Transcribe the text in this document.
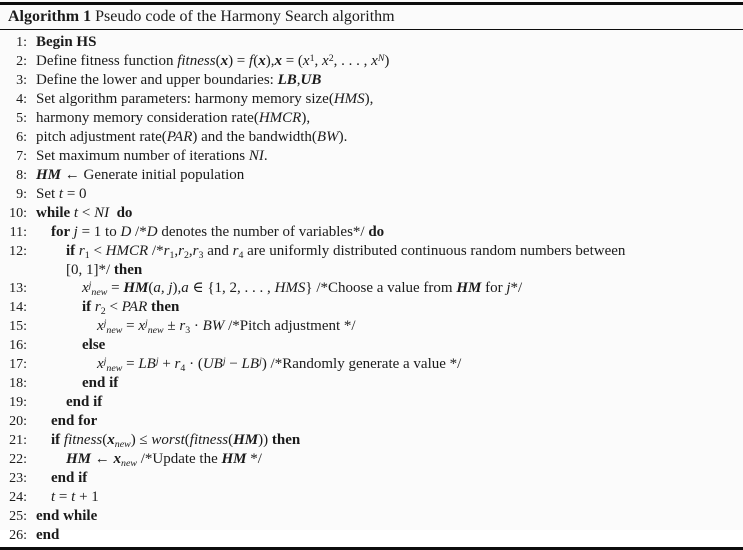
Algorithm 1 Pseudo code of the Harmony Search algorithm
1: Begin HS
2: Define fitness function fitness(x) = $f(x),x = (x^1$, $x^2$, . . . , $x^N$)
3: Define the lower and upper boundaries: LB,UB
4: Set algorithm parameters: harmony memory size(HMS),
5: harmony memory consideration rate(HMCR),
6: pitch adjustment rate(PAR) and the bandwidth(BW).
7: Set maximum number of iterations NI.
8: HM ← Generate initial population
9: Set t = 0
10: while t < NI do
11:	for j = 1 to D /*D denotes the number of variables*/ do
12:	if r1 < HMCR /*r1,r2,r3 and r4 are uniformly distributed continuous random numbers between
[0, 1]*/ then
13:	$x^jnew = HM(a$, j),a ∈ {1, 2, . . . , HMS} /*Choose a value from HM for j*/
14:	if r2 < PAR then
15:	$x^jnew = x^jnew \pm r3$ · BW /*Pitch adjustment */
16:	else
17:	$x^jnew = LB^j + r4 \cdot (UB^j - LB^j)$ /*Randomly generate a value */
18:	end if
19:	end if
20:	end for
21:	if fitness(xnew) ≤ worst(fitness(HM)) then
22:	HM ← xnew /*Update the HM */
23:	end if
24:	t = t + 1
25: end while
26: end
